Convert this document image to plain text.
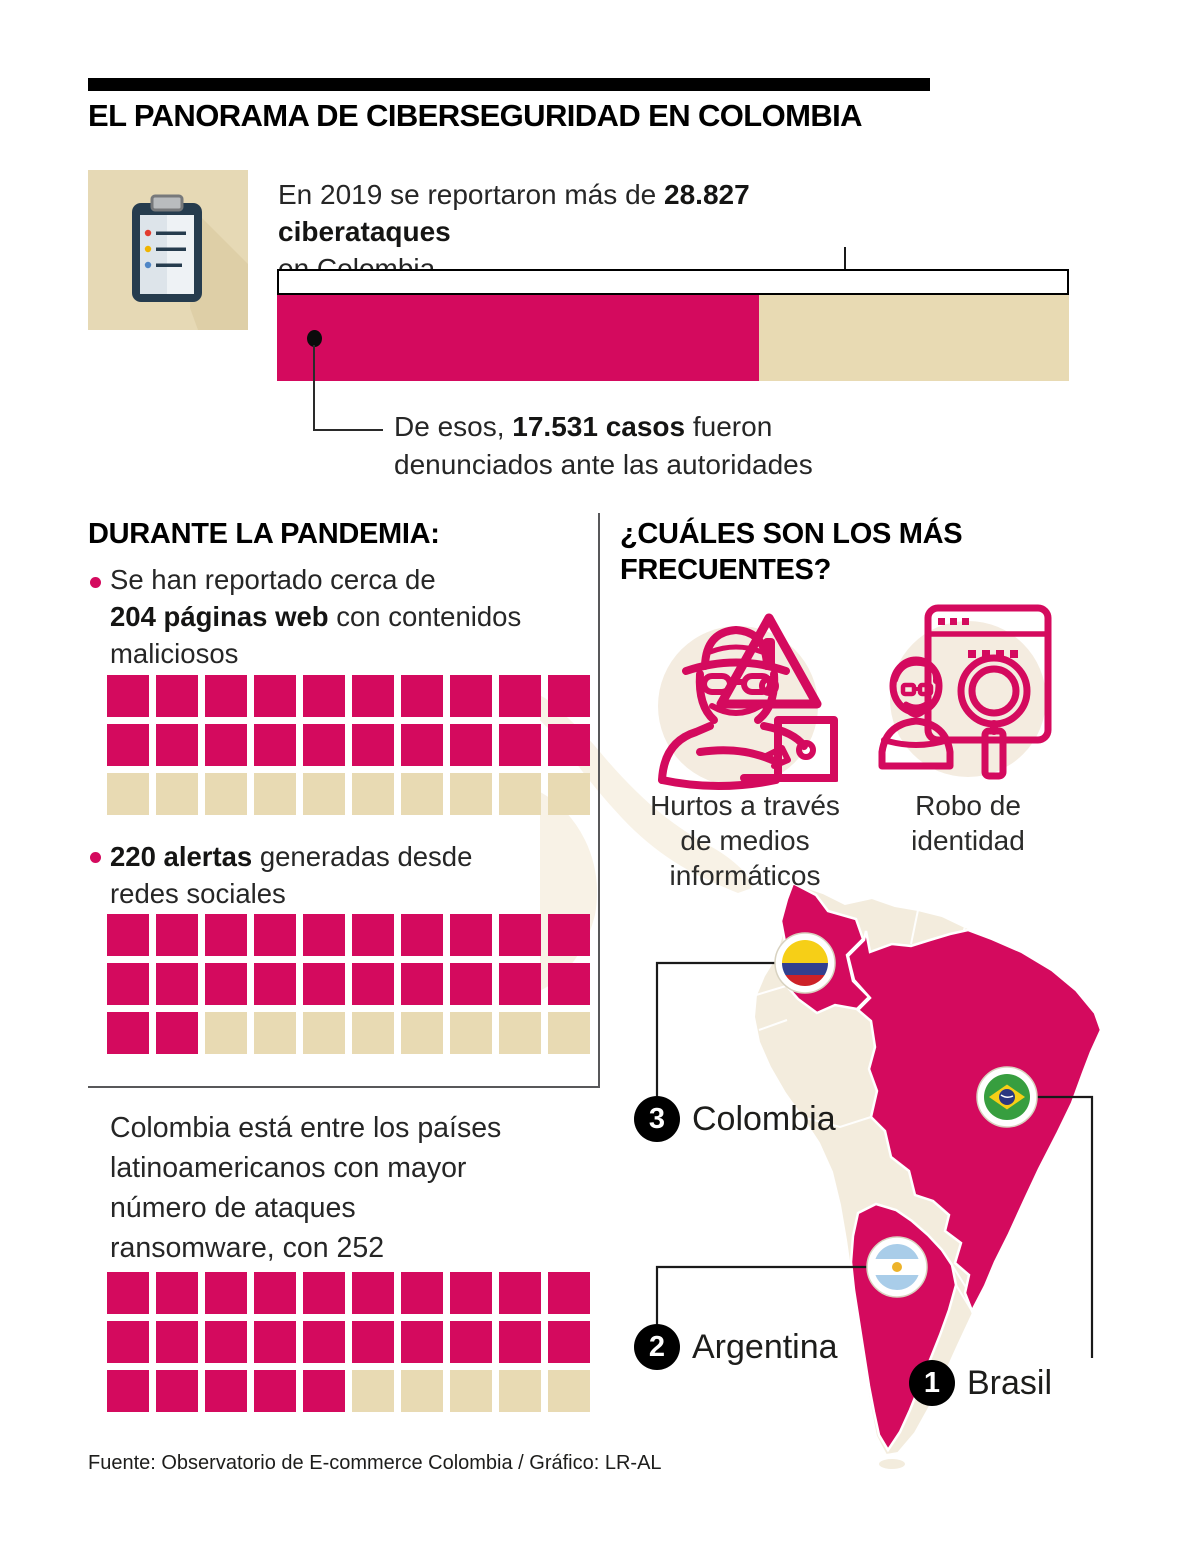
EL PANORAMA DE CIBERSEGURIDAD EN COLOMBIA
En 2019 se reportaron más de 28.827 ciberataques
De esos, 17.531 casos fueron
denunciados ante las autoridades
DURANTE LA PANDEMIA:
Se han reportado cerca de
204 páginas web con contenidos
maliciosos
220 alertas generadas desde
redes sociales
¿CUÁLES SON LOS MÁS
FRECUENTES?
Hurtos a través
de medios
informáticos
Robo de
identidad
Colombia está entre los países
latinoamericanos con mayor
número de ataques
ransomware, con 252
3 Colombia
2 Argentina
1 Brasil
Fuente: Observatorio de E-commerce Colombia / Gráfico: LR-AL
